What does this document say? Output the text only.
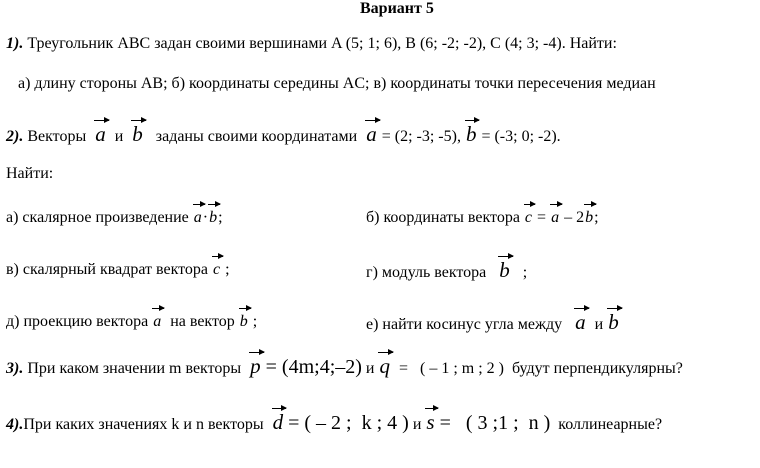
Вариант 5
1). Треугольник ABC задан своими вершинами A (5; 1; 6), B (6; -2; -2), C (4; 3; -4). Найти:
а) длину стороны AB; б) координаты середины AC; в) координаты точки пересечения медиан
2). Векторы a и b заданы своими координатами a = (2; -3; -5), b = (-3; 0; -2).
Найти:
а) скалярное произведение a·b;	б) координаты вектора c = a – 2b;
в) скалярный квадрат вектора c ;	г) модуль вектора b ;
д) проекцию вектора a на вектор b ;	е) найти косинус угла между a и b
3). При каком значении m векторы p = (4m;4;–2) и q =   ( – 1 ; m ; 2 ) будут перпендикулярны?
4).При каких значениях k и n векторы d = ( – 2 ;  k ; 4 ) и s =   ( 3 ;1 ;  n ) коллинеарные?
